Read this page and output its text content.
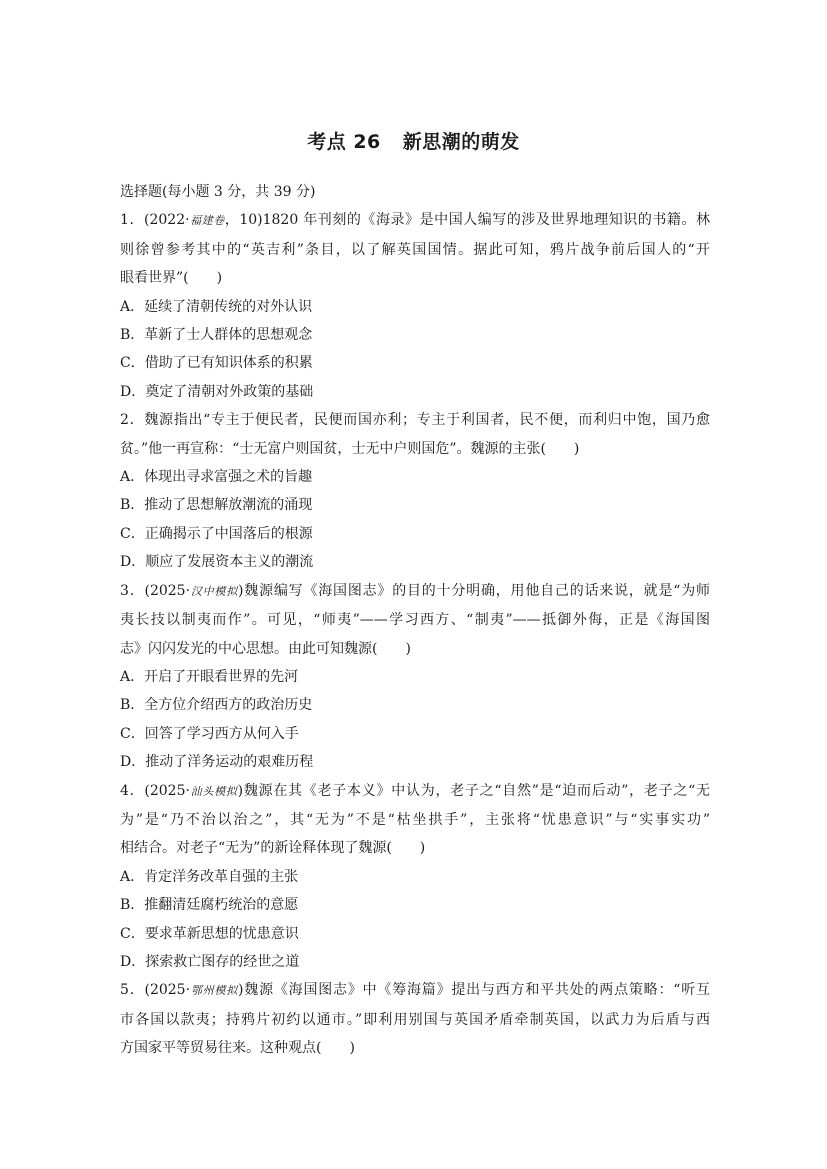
考点 26 新思潮的萌发
选择题(每小题 3 分，共 39 分)
1．(2022·福建卷，10)1820 年刊刻的《海录》是中国人编写的涉及世界地理知识的书籍。林
则徐曾参考其中的“英吉利”条目，以了解英国国情。据此可知，鸦片战争前后国人的“开
眼看世界”(　　)
A．延续了清朝传统的对外认识
B．革新了士人群体的思想观念
C．借助了已有知识体系的积累
D．奠定了清朝对外政策的基础
2．魏源指出“专主于便民者，民便而国亦利；专主于利国者，民不便，而利归中饱，国乃愈
贫。”他一再宣称：“士无富户则国贫，士无中户则国危”。魏源的主张(　　)
A．体现出寻求富强之术的旨趣
B．推动了思想解放潮流的涌现
C．正确揭示了中国落后的根源
D．顺应了发展资本主义的潮流
3．(2025·汉中模拟)魏源编写《海国图志》的目的十分明确，用他自己的话来说，就是“为师
夷长技以制夷而作”。可见，“师夷”——学习西方、“制夷”——抵御外侮，正是《海国图
志》闪闪发光的中心思想。由此可知魏源(　　)
A．开启了开眼看世界的先河
B．全方位介绍西方的政治历史
C．回答了学习西方从何入手
D．推动了洋务运动的艰难历程
4．(2025·汕头模拟)魏源在其《老子本义》中认为，老子之“自然”是“迫而后动”，老子之“无
为”是“乃不治以治之”，其“无为”不是“枯坐拱手”，主张将“忧患意识”与“实事实功”
相结合。对老子“无为”的新诠释体现了魏源(　　)
A．肯定洋务改革自强的主张
B．推翻清廷腐朽统治的意愿
C．要求革新思想的忧患意识
D．探索救亡图存的经世之道
5．(2025·鄂州模拟)魏源《海国图志》中《筹海篇》提出与西方和平共处的两点策略：“听互
市各国以款夷；持鸦片初约以通市。”即利用别国与英国矛盾牵制英国，以武力为后盾与西
方国家平等贸易往来。这种观点(　　)
